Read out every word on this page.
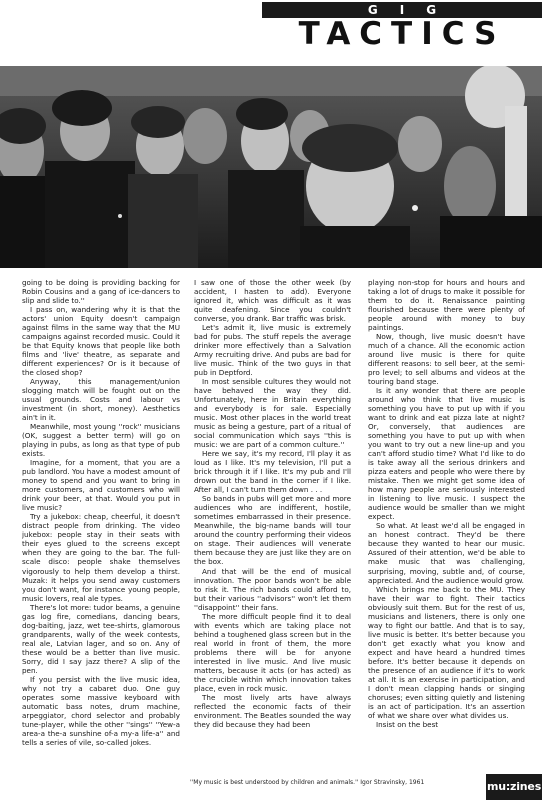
GIG
TACTICS

going to be doing is providing backing for Robin Cousins and a gang of ice-dancers to slip and slide to.''

I pass on, wandering why it is that the actors' union Equity doesn't campaign against films in the same way that the MU campaigns against recorded music. Could it be that Equity knows that people like both films and 'live' theatre, as separate and different experiences? Or is it because of the closed shop?

Anyway, this management/union slogging match will be fought out on the usual grounds. Costs and labour vs investment (in short, money). Aesthetics ain't in it.

Meanwhile, most young ''rock'' musicians (OK, suggest a better term) will go on playing in pubs, as long as that type of pub exists.

Imagine, for a moment, that you are a pub landlord. You have a modest amount of money to spend and you want to bring in more customers, and customers who will drink your beer, at that. Would you put in live music?

Try a jukebox: cheap, cheerful, it doesn't distract people from drinking. The video jukebox: people stay in their seats with their eyes glued to the screens except when they are going to the bar. The full-scale disco: people shake themselves vigorously to help them develop a thirst. Muzak: it helps you send away customers you don't want, for instance young people, music lovers, real ale types.

There's lot more: tudor beams, a genuine gas log fire, comedians, dancing bears, dog-baiting, jazz, wet tee-shirts, glamorous grandparents, wally of the week contests, real ale, Latvian lager, and so on. Any of these would be a better than live music. Sorry, did I say jazz there? A slip of the pen.

If you persist with the live music idea, why not try a cabaret duo. One guy operates some massive keyboard with automatic bass notes, drum machine, arpeggiator, chord selector and probably tune-player, while the other ''sings'' ''Yew-a area-a the-a sunshine of-a my-a life-a'' and tells a series of vile, so-called jokes.

I saw one of those the other week (by accident, I hasten to add). Everyone ignored it, which was difficult as it was quite deafening. Since you couldn't converse, you drank. Bar traffic was brisk.

Let's admit it, live music is extremely bad for pubs. The stuff repels the average drinker more effectively than a Salvation Army recruiting drive. And pubs are bad for live music. Think of the two guys in that pub in Deptford.

In most sensible cultures they would not have behaved the way they did. Unfortunately, here in Britain everything and everybody is for sale. Especially music. Most other places in the world treat music as being a gesture, part of a ritual of social communication which says ''this is music: we are part of a common culture.''

Here we say, it's my record, I'll play it as loud as I like. It's my television, I'll put a brick through it if I like. It's my pub and I'll drown out the band in the corner if I like. After all, I can't turn them down . . .

So bands in pubs will get more and more audiences who are indifferent, hostile, sometimes embarrassed in their presence. Meanwhile, the big-name bands will tour around the country performing their videos on stage. Their audiences will venerate them because they are just like they are on the box.

And that will be the end of musical innovation. The poor bands won't be able to risk it. The rich bands could afford to, but their various ''advisors'' won't let them ''disappoint'' their fans.

The more difficult people find it to deal with events which are taking place not behind a toughened glass screen but in the real world in front of them, the more problems there will be for anyone interested in live music. And live music matters, because it acts (or has acted) as the crucible within which innovation takes place, even in rock music.

The most lively arts have always reflected the economic facts of their environment. The Beatles sounded the way they did because they had been

playing non-stop for hours and hours and taking a lot of drugs to make it possible for them to do it. Renaissance painting flourished because there were plenty of people around with money to buy paintings.

Now, though, live music doesn't have much of a chance. All the economic action around live music is there for quite different reasons: to sell beer, at the semi-pro level; to sell albums and videos at the touring band stage.

Is it any wonder that there are people around who think that live music is something you have to put up with if you want to drink and eat pizza late at night? Or, conversely, that audiences are something you have to put up with when you want to try out a new line-up and you can't afford studio time? What I'd like to do is take away all the serious drinkers and pizza eaters and people who were there by mistake. Then we might get some idea of how many people are seriously interested in listening to live music. I suspect the audience would be smaller than we might expect.

So what. At least we'd all be engaged in an honest contract. They'd be there because they wanted to hear our music. Assured of their attention, we'd be able to make music that was challenging, surprising, moving, subtle and, of course, appreciated. And the audience would grow.

Which brings me back to the MU. They have their war to fight. Their tactics obviously suit them. But for the rest of us, musicians and listeners, there is only one way to fight our battle. And that is to say, live music is better. It's better because you don't get exactly what you know and expect and have heard a hundred times before. It's better because it depends on the presence of an audience if it's to work at all. It is an exercise in participation, and I don't mean clapping hands or singing choruses; even sitting quietly and listening is an act of participation. It's an assertion of what we share over what divides us.

Insist on the best

''My music is best understood by children and animals.'' Igor Stravinsky, 1961	mu:zines
